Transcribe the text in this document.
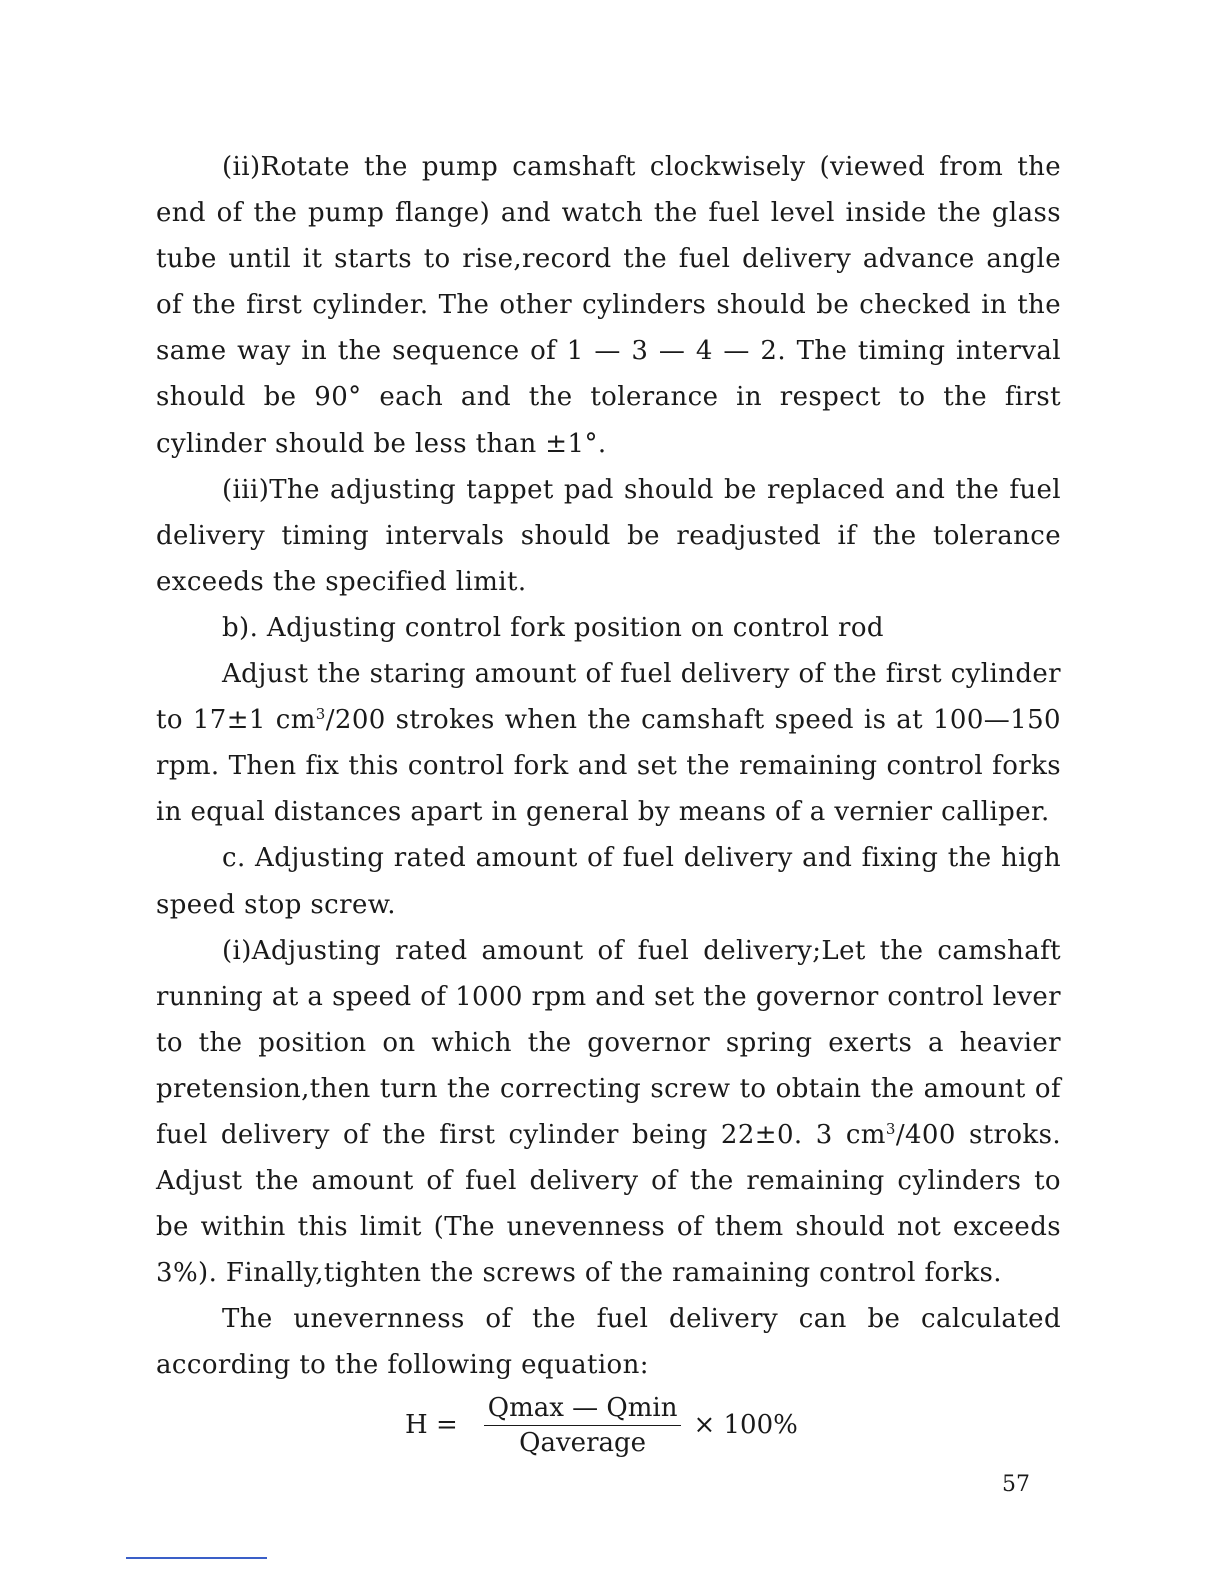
(ii)Rotate the pump camshaft clockwisely (viewed from the end of the pump flange) and watch the fuel level inside the glass tube until it starts to rise,record the fuel delivery advance angle of the first cylinder. The other cylinders should be checked in the same way in the sequence of 1 — 3 — 4 — 2. The timing interval should be 90° each and the tolerance in respect to the first cylinder should be less than ±1°.

(iii)The adjusting tappet pad should be replaced and the fuel delivery timing intervals should be readjusted if the tolerance exceeds the specified limit.

b). Adjusting control fork position on control rod

Adjust the staring amount of fuel delivery of the first cylinder to 17±1 $cm^3/200$ strokes when the camshaft speed is at 100—150 rpm. Then fix this control fork and set the remaining control forks in equal distances apart in general by means of a vernier calliper.

c. Adjusting rated amount of fuel delivery and fixing the high speed stop screw.

(i)Adjusting rated amount of fuel delivery;Let the camshaft running at a speed of 1000 rpm and set the governor control lever to the position on which the governor spring exerts a heavier pretension,then turn the correcting screw to obtain the amount of fuel delivery of the first cylinder being 22±0. 3 $cm^3/400$ stroks. Adjust the amount of fuel delivery of the remaining cylinders to be within this limit (The unevenness of them should not exceeds 3%). Finally,tighten the screws of the ramaining control forks.

The unevernness of the fuel delivery can be calculated according to the following equation:

$H = \frac{Qmax — Qmin}{\text{Qaverage}} \times 100\%$
57
